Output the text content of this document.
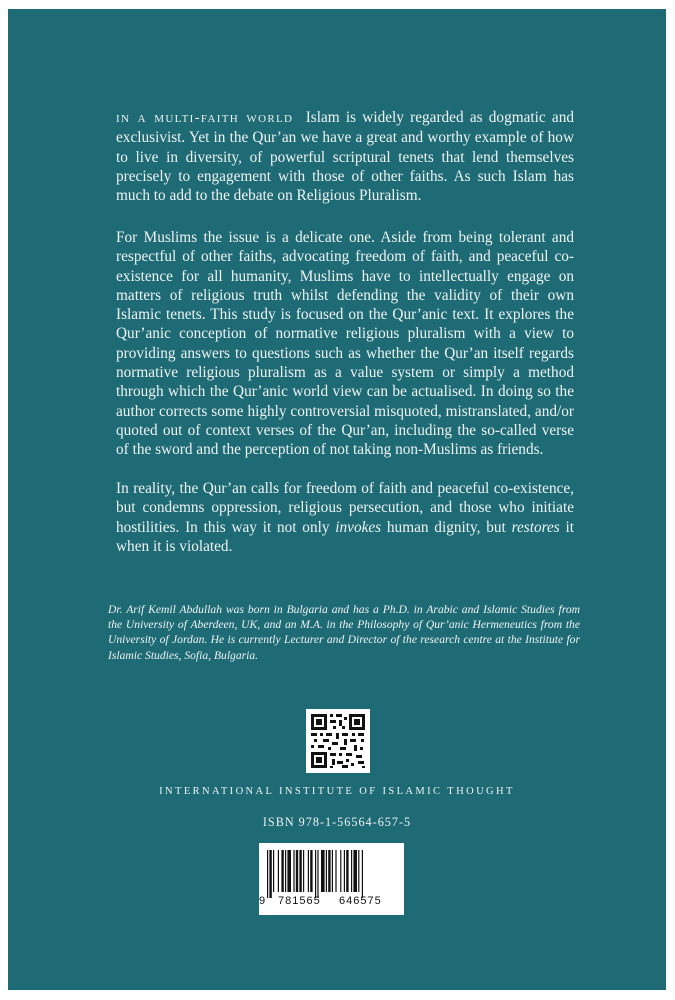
in a multi-faith world Islam is widely regarded as dogmatic and exclusivist. Yet in the Qur’an we have a great and worthy example of how to live in diversity, of powerful scriptural tenets that lend themselves precisely to engagement with those of other faiths. As such Islam has much to add to the debate on Religious Pluralism.

For Muslims the issue is a delicate one. Aside from being tolerant and respectful of other faiths, advocating freedom of faith, and peaceful co-existence for all humanity, Muslims have to intellectually engage on matters of religious truth whilst defending the validity of their own Islamic tenets. This study is focused on the Qur’anic text. It explores the Qur’anic conception of normative religious pluralism with a view to providing answers to questions such as whether the Qur’an itself regards normative religious pluralism as a value system or simply a method through which the Qur’anic world view can be actualised. In doing so the author corrects some highly controversial misquoted, mistranslated, and/or quoted out of context verses of the Qur’an, including the so-called verse of the sword and the perception of not taking non-Muslims as friends.

In reality, the Qur’an calls for freedom of faith and peaceful co-existence, but condemns oppression, religious persecution, and those who initiate hostilities. In this way it not only invokes human dignity, but restores it when it is violated.

Dr. Arif Kemil Abdullah was born in Bulgaria and has a Ph.D. in Arabic and Islamic Studies from the University of Aberdeen, UK, and an M.A. in the Philosophy of Qur’anic Hermeneutics from the University of Jordan. He is currently Lecturer and Director of the research centre at the Institute for Islamic Studies, Sofia, Bulgaria.

INTERNATIONAL INSTITUTE OF ISLAMIC THOUGHT
ISBN 978-1-56564-657-5
9 781565 646575
